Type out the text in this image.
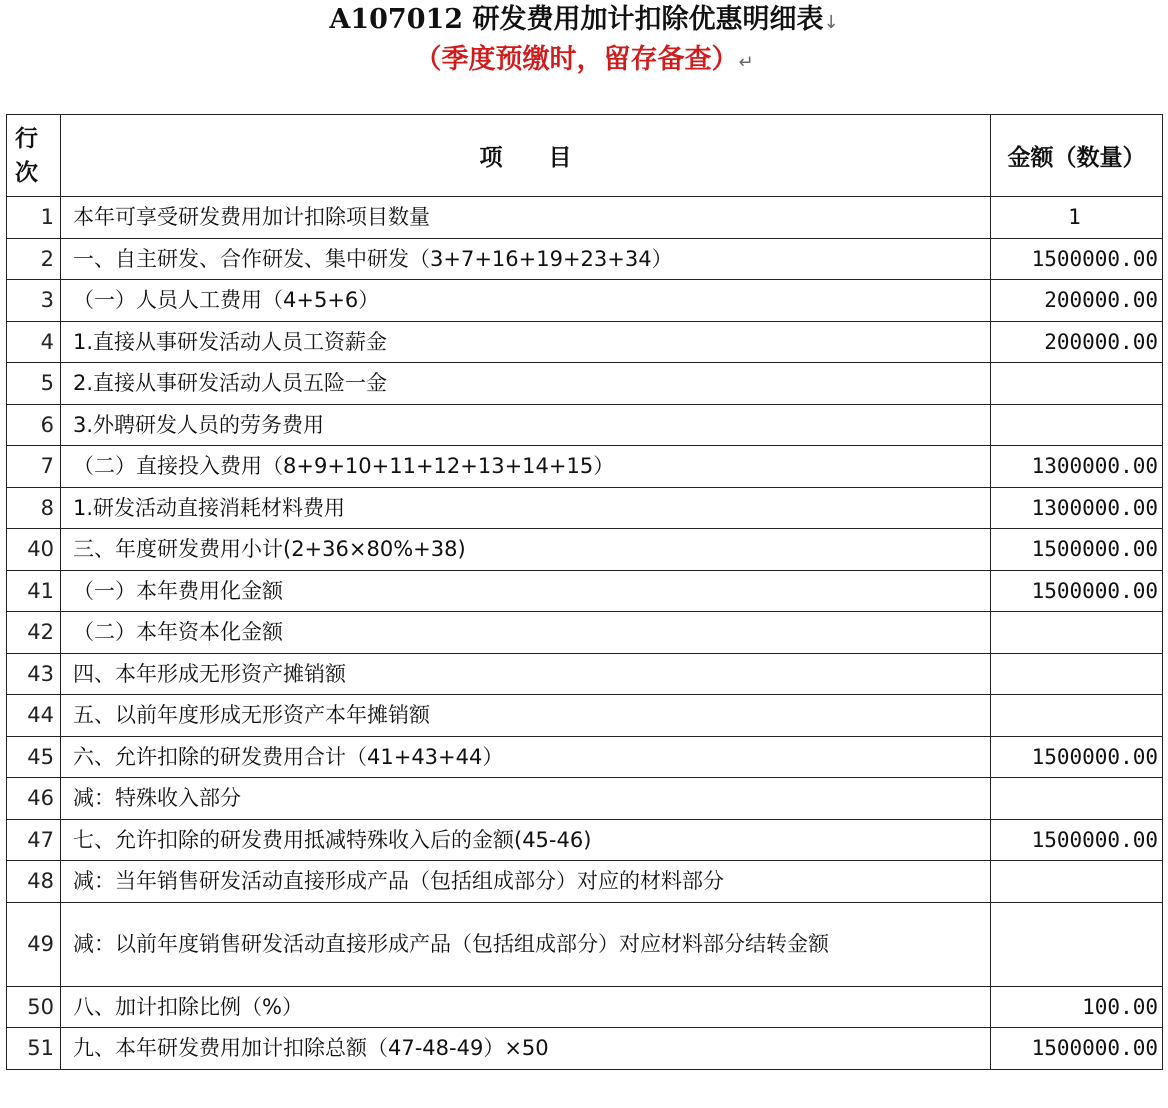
A107012 研发费用加计扣除优惠明细表↓
（季度预缴时，留存备查）↵
行次	项　　目	金额（数量）
1	本年可享受研发费用加计扣除项目数量	1
2	一、自主研发、合作研发、集中研发（3+7+16+19+23+34）	1500000.00
3	（一）人员人工费用（4+5+6）	200000.00
4	1.直接从事研发活动人员工资薪金	200000.00
5	2.直接从事研发活动人员五险一金	
6	3.外聘研发人员的劳务费用	
7	（二）直接投入费用（8+9+10+11+12+13+14+15）	1300000.00
8	1.研发活动直接消耗材料费用	1300000.00
40	三、年度研发费用小计(2+36×80%+38)	1500000.00
41	（一）本年费用化金额	1500000.00
42	（二）本年资本化金额	
43	四、本年形成无形资产摊销额	
44	五、以前年度形成无形资产本年摊销额	
45	六、允许扣除的研发费用合计（41+43+44）	1500000.00
46	减：特殊收入部分	
47	七、允许扣除的研发费用抵减特殊收入后的金额(45-46)	1500000.00
48	减：当年销售研发活动直接形成产品（包括组成部分）对应的材料部分	
49	减：以前年度销售研发活动直接形成产品（包括组成部分）对应材料部分结转金额	
50	八、加计扣除比例（%）	100.00
51	九、本年研发费用加计扣除总额（47-48-49）×50	1500000.00
